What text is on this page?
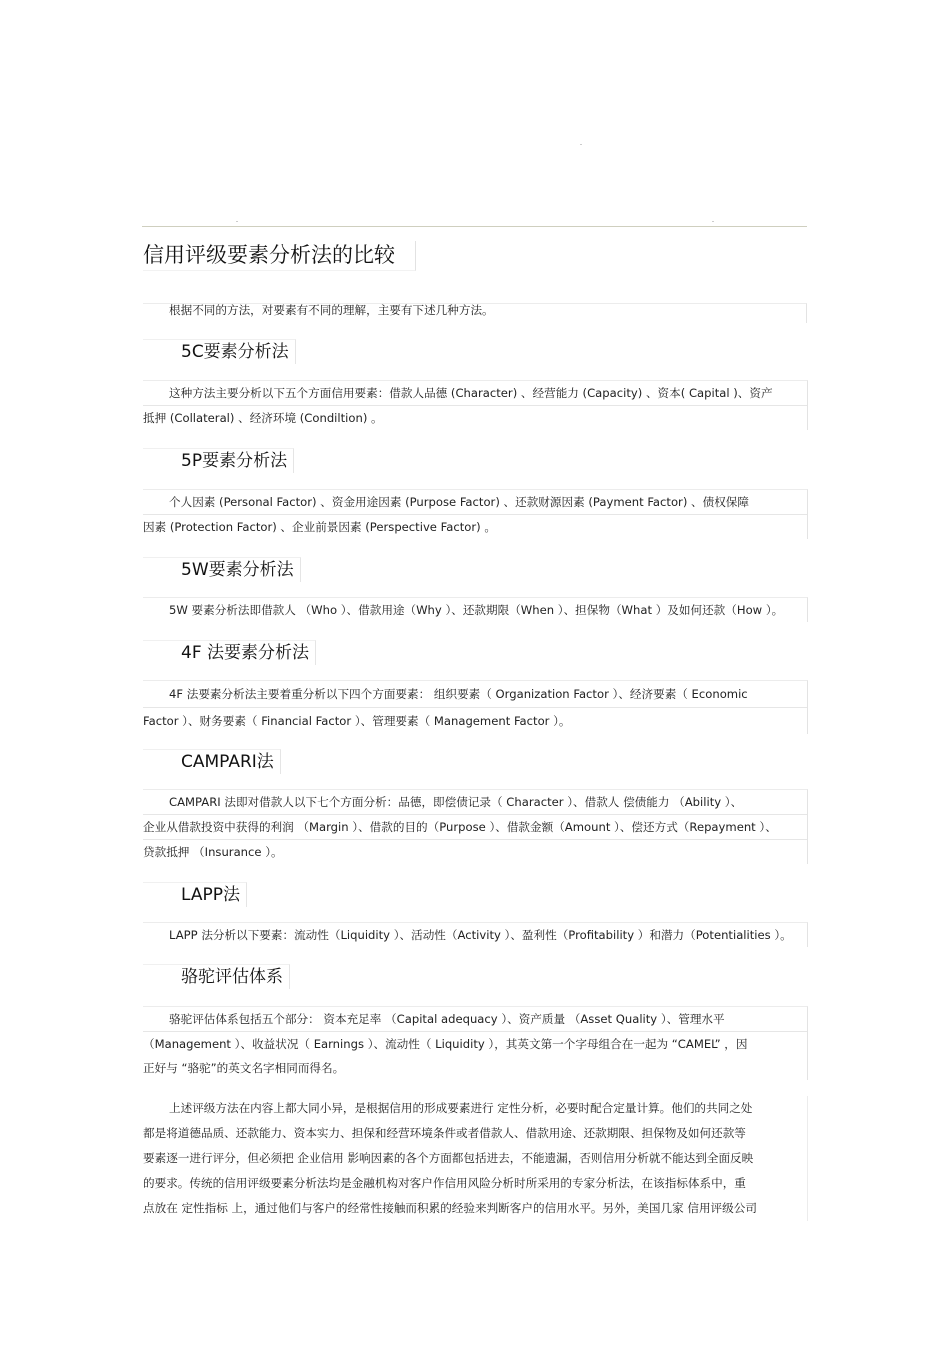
信用评级要素分析法的比较
根据不同的方法，对要素有不同的理解，主要有下述几种方法。
5C要素分析法
这种方法主要分析以下五个方面信用要素：借款人品德 (Character) 、经营能力 (Capacity) 、资本( Capital )、资产
抵押 (Collateral) 、经济环境 (Condiltion) 。
5P要素分析法
个人因素 (Personal Factor) 、资金用途因素 (Purpose Factor) 、还款财源因素 (Payment Factor) 、债权保障
因素 (Protection Factor) 、企业前景因素 (Perspective Factor) 。
5W要素分析法
5W 要素分析法即借款人 （Who ）、借款用途（Why ）、还款期限（When ）、担保物（What ）及如何还款（How ）。
4F 法要素分析法
4F 法要素分析法主要着重分析以下四个方面要素： 组织要素（ Organization Factor ）、经济要素（ Economic
Factor ）、财务要素（ Financial Factor ）、管理要素（ Management Factor ）。
CAMPARI法
CAMPARI 法即对借款人以下七个方面分析：品德，即偿债记录（ Character ）、借款人 偿债能力 （Ability ）、
企业从借款投资中获得的利润 （Margin ）、借款的目的（Purpose ）、借款金额（Amount ）、偿还方式（Repayment ）、
贷款抵押 （Insurance ）。
LAPP法
LAPP 法分析以下要素：流动性（Liquidity ）、活动性（Activity ）、盈利性（Profitability ）和潜力（Potentialities ）。
骆驼评估体系
骆驼评估体系包括五个部分： 资本充足率 （Capital adequacy ）、资产质量 （Asset Quality ）、管理水平
（Management ）、收益状况（ Earnings ）、流动性（ Liquidity ），其英文第一个字母组合在一起为 “CAMEL” ，因
正好与 “骆驼”的英文名字相同而得名。
上述评级方法在内容上都大同小异，是根据信用的形成要素进行 定性分析，必要时配合定量计算。他们的共同之处
都是将道德品质、还款能力、资本实力、担保和经营环境条件或者借款人、借款用途、还款期限、担保物及如何还款等
要素逐一进行评分，但必须把 企业信用 影响因素的各个方面都包括进去，不能遗漏，否则信用分析就不能达到全面反映
的要求。传统的信用评级要素分析法均是金融机构对客户作信用风险分析时所采用的专家分析法，在该指标体系中，重
点放在 定性指标 上，通过他们与客户的经常性接触而积累的经验来判断客户的信用水平。另外，美国几家 信用评级公司
